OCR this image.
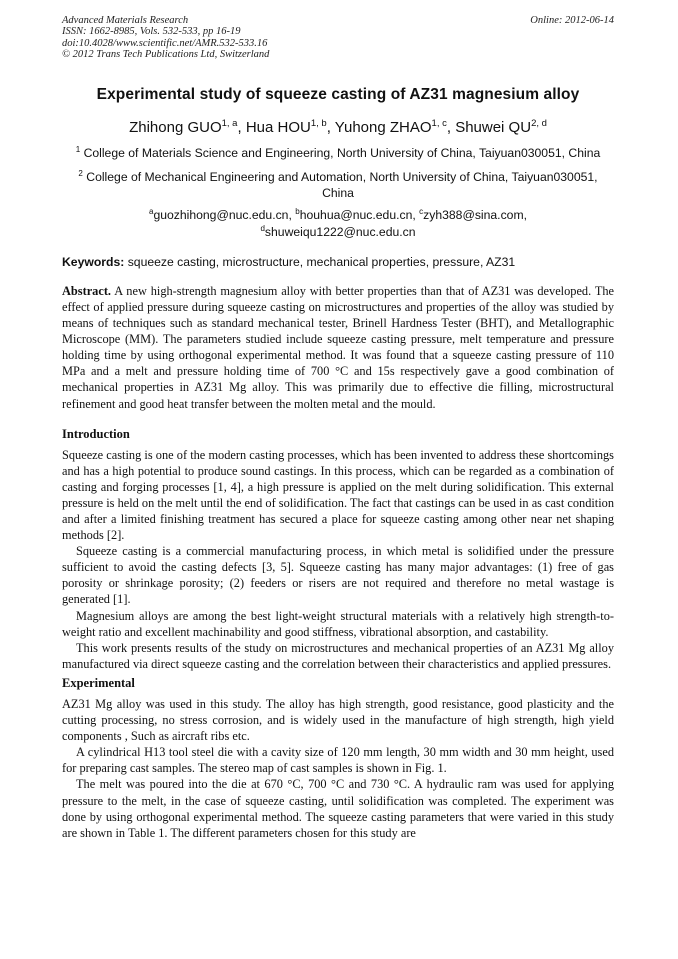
Advanced Materials Research
ISSN: 1662-8985, Vols. 532-533, pp 16-19
doi:10.4028/www.scientific.net/AMR.532-533.16
© 2012 Trans Tech Publications Ltd, Switzerland
Online: 2012-06-14
Experimental study of squeeze casting of AZ31 magnesium alloy
Zhihong GUO$^{1, a}$, Hua HOU$^{1, b}$, Yuhong ZHAO$^{1, c}$, Shuwei QU$^{2, d}$
$^1$ College of Materials Science and Engineering, North University of China, Taiyuan030051, China
$^2$ College of Mechanical Engineering and Automation, North University of China, Taiyuan030051, China
$^a$guozhihong@nuc.edu.cn, $^b$houhua@nuc.edu.cn, $^c$zyh388@sina.com,
$^d$shuweiqu1222@nuc.edu.cn
Keywords: squeeze casting, microstructure, mechanical properties, pressure, AZ31

Abstract. A new high-strength magnesium alloy with better properties than that of AZ31 was developed. The effect of applied pressure during squeeze casting on microstructures and properties of the alloy was studied by means of techniques such as standard mechanical tester, Brinell Hardness Tester (BHT), and Metallographic Microscope (MM). The parameters studied include squeeze casting pressure, melt temperature and pressure holding time by using orthogonal experimental method. It was found that a squeeze casting pressure of 110 MPa and a melt and pressure holding time of 700 °C and 15s respectively gave a good combination of mechanical properties in AZ31 Mg alloy. This was primarily due to effective die filling, microstructural refinement and good heat transfer between the molten metal and the mould.

Introduction

Squeeze casting is one of the modern casting processes, which has been invented to address these shortcomings and has a high potential to produce sound castings. In this process, which can be regarded as a combination of casting and forging processes [1, 4], a high pressure is applied on the melt during solidification. This external pressure is held on the melt until the end of solidification. The fact that castings can be used in as cast condition and after a limited finishing treatment has secured a place for squeeze casting among other near net shaping methods [2].

Squeeze casting is a commercial manufacturing process, in which metal is solidified under the pressure sufficient to avoid the casting defects [3, 5]. Squeeze casting has many major advantages: (1) free of gas porosity or shrinkage porosity; (2) feeders or risers are not required and therefore no metal wastage is generated [1].

Magnesium alloys are among the best light-weight structural materials with a relatively high strength-to-weight ratio and excellent machinability and good stiffness, vibrational absorption, and castability.

This work presents results of the study on microstructures and mechanical properties of an AZ31 Mg alloy manufactured via direct squeeze casting and the correlation between their characteristics and applied pressures.

Experimental

AZ31 Mg alloy was used in this study. The alloy has high strength, good resistance, good plasticity and the cutting processing, no stress corrosion, and is widely used in the manufacture of high strength, high yield components , Such as aircraft ribs etc.

A cylindrical H13 tool steel die with a cavity size of 120 mm length, 30 mm width and 30 mm height, used for preparing cast samples. The stereo map of cast samples is shown in Fig. 1.

The melt was poured into the die at 670 °C, 700 °C and 730 °C. A hydraulic ram was used for applying pressure to the melt, in the case of squeeze casting, until solidification was completed. The experiment was done by using orthogonal experimental method. The squeeze casting parameters that were varied in this study are shown in Table 1. The different parameters chosen for this study are
